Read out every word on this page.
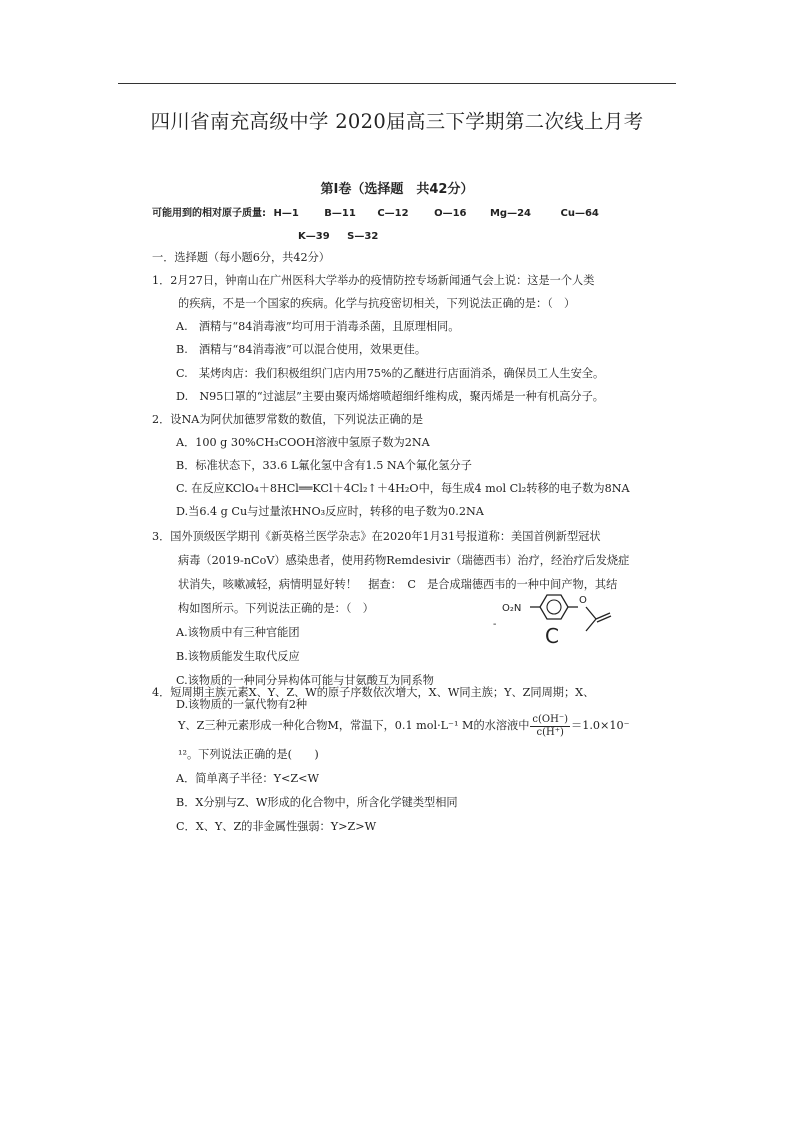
四川省南充高级中学 2020届高三下学期第二次线上月考
第Ⅰ卷（选择题　共42分）
可能用到的相对原子质量: H—1	B—11 C—12	O—16 Mg—24	Cu—64
K—39 S—32
一．选择题（每小题6分，共42分）
1．2月27日，钟南山在广州医科大学举办的疫情防控专场新闻通气会上说：这是一个人类
的疾病，不是一个国家的疾病。化学与抗疫密切相关，下列说法正确的是：（　）
A.　酒精与“84消毒液”均可用于消毒杀菌，且原理相同。
B.　酒精与“84消毒液”可以混合使用，效果更佳。
C.　某烤肉店：我们积极组织门店内用75%的乙醚进行店面消杀，确保员工人生安全。
D.　N95口罩的“过滤层”主要由聚丙烯熔喷超细纤维构成，聚丙烯是一种有机高分子。
2．设NA为阿伏加德罗常数的数值，下列说法正确的是
A．100 g 30%CH₃COOH溶液中氢原子数为2NA
B．标准状态下，33.6 L氟化氢中含有1.5 NA个氟化氢分子
C. 在反应KClO₄＋8HCl══KCl＋4Cl₂↑＋4H₂O中，每生成4 mol Cl₂转移的电子数为8NA
D.当6.4 g Cu与过量浓HNO₃反应时，转移的电子数为0.2NA
3．国外顶级医学期刊《新英格兰医学杂志》在2020年1月31号报道称：美国首例新型冠状
病毒（2019-nCoV）感染患者，使用药物Remdesivir（瑞德西韦）治疗，经治疗后发烧症
状消失，咳嗽减轻，病情明显好转！　据查：　C　是合成瑞德西韦的一种中间产物，其结
构如图所示。下列说法正确的是：（　）
A.该物质中有三种官能团
B.该物质能发生取代反应
C.该物质的一种同分异构体可能与甘氨酸互为同系物
D.该物质的一氯代物有2种
O₂N
O
C
-
4．短周期主族元素X、Y、Z、W的原子序数依次增大，X、W同主族；Y、Z同周期；X、
Y、Z三种元素形成一种化合物M，常温下，0.1 mol·L⁻¹ M的水溶液中 $\frac{c(OH^-)}{c(H^+)} =1.0\times 10^-$
¹²。下列说法正确的是(　　)
A．简单离子半径：Y<Z<W
B．X分别与Z、W形成的化合物中，所含化学键类型相同
C．X、Y、Z的非金属性强弱：Y>Z>W
